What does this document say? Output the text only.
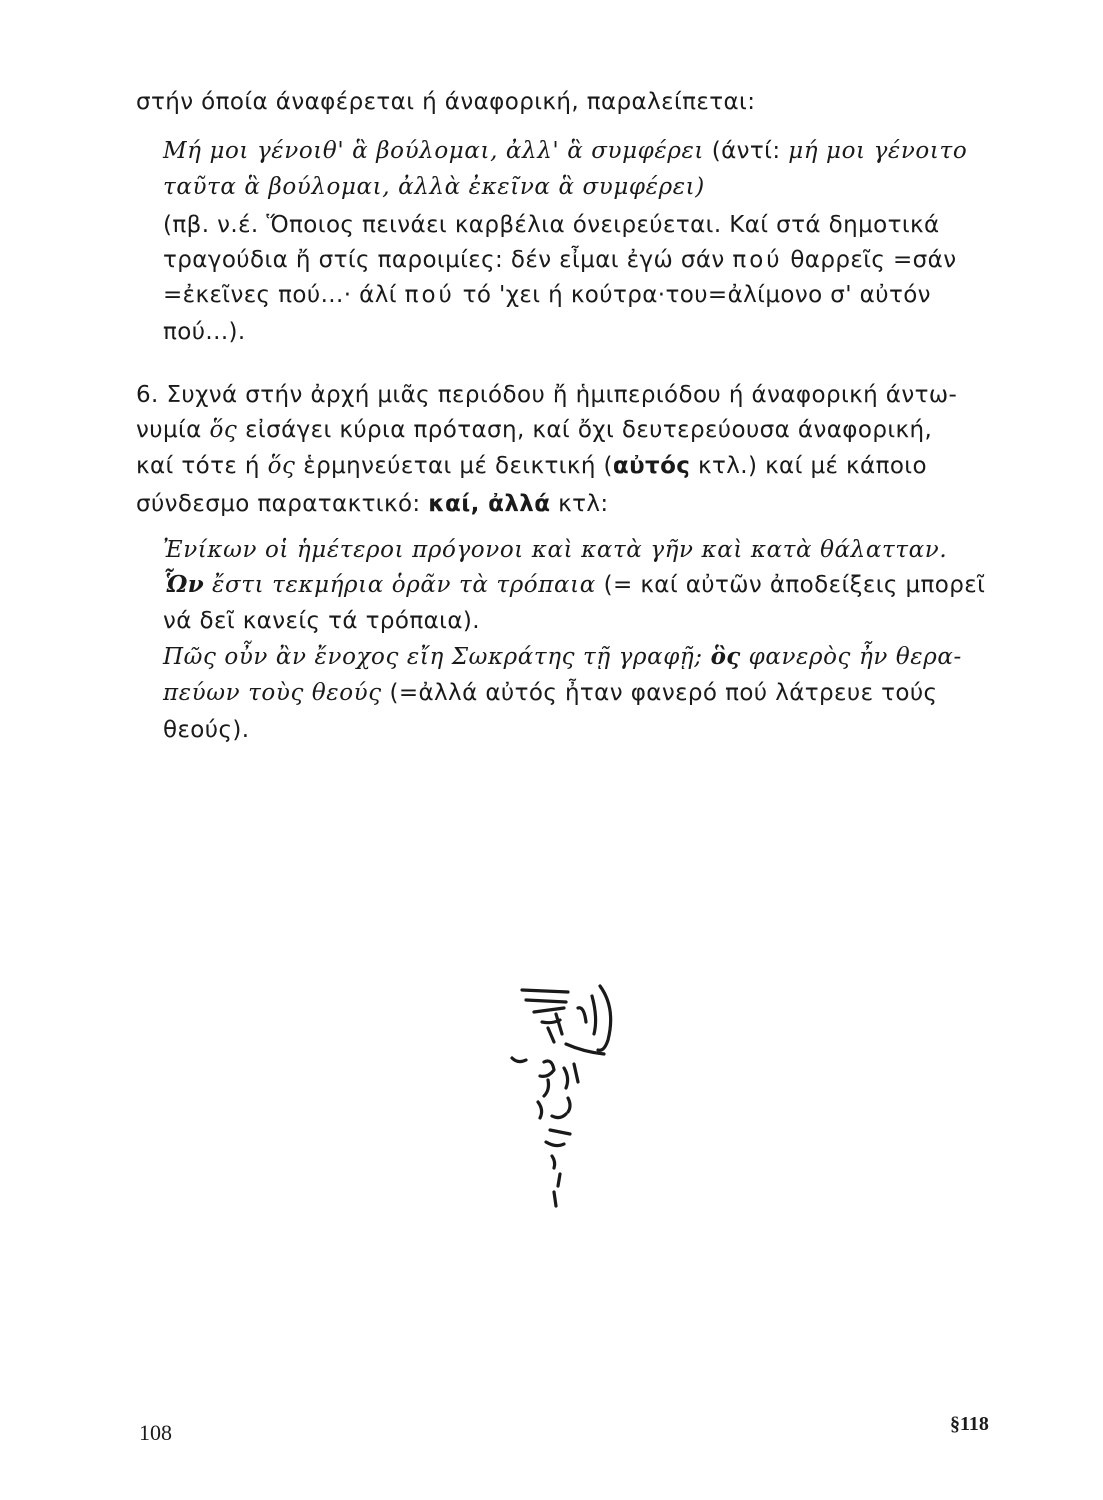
στήν όποία άναφέρεται ή άναφορική, παραλείπεται:
Μή μοι γένοιθ' ἃ βούλομαι, ἀλλ' ἃ συμφέρει (άντί: μή μοι γένοιτο
ταῦτα ἃ βούλομαι, ἀλλὰ ἐκεῖνα ἃ συμφέρει)
(πβ. ν.έ. Ὅποιος πεινάει καρβέλια όνειρεύεται. Καί στά δημοτικά
τραγούδια ἤ στίς παροιμίες: δέν εἶμαι ἐγώ σάν πού θαρρεῖς =σάν
=ἐκεῖνες πού...· άλί πού τό 'χει ή κούτρα·του=ἀλίμονο σ' αὐτόν
πού...).
6. Συχνά στήν ἀρχή μιᾶς περιόδου ἤ ἡμιπεριόδου ή άναφορική άντω-
νυμία ὅς εἰσάγει κύρια πρόταση, καί ὄχι δευτερεύουσα άναφορική,
καί τότε ή ὅς ἑρμηνεύεται μέ δεικτική (αὐτός κτλ.) καί μέ κάποιο
σύνδεσμο παρατακτικό: καί, ἀλλά κτλ:
Ἐνίκων οἱ ἡμέτεροι πρόγονοι καὶ κατὰ γῆν καὶ κατὰ θάλατταν.
Ὧν ἔστι τεκμήρια ὁρᾶν τὰ τρόπαια (= καί αὐτῶν ἀποδείξεις μπορεῖ
νά δεῖ κανείς τά τρόπαια).
Πῶς οὖν ἂν ἔνοχος εἴη Σωκράτης τῇ γραφῇ; ὃς φανερὸς ἦν θερα-
πεύων τοὺς θεούς (=ἀλλά αὐτός ἦταν φανερό πού λάτρευε τούς
θεούς).
108	§118
